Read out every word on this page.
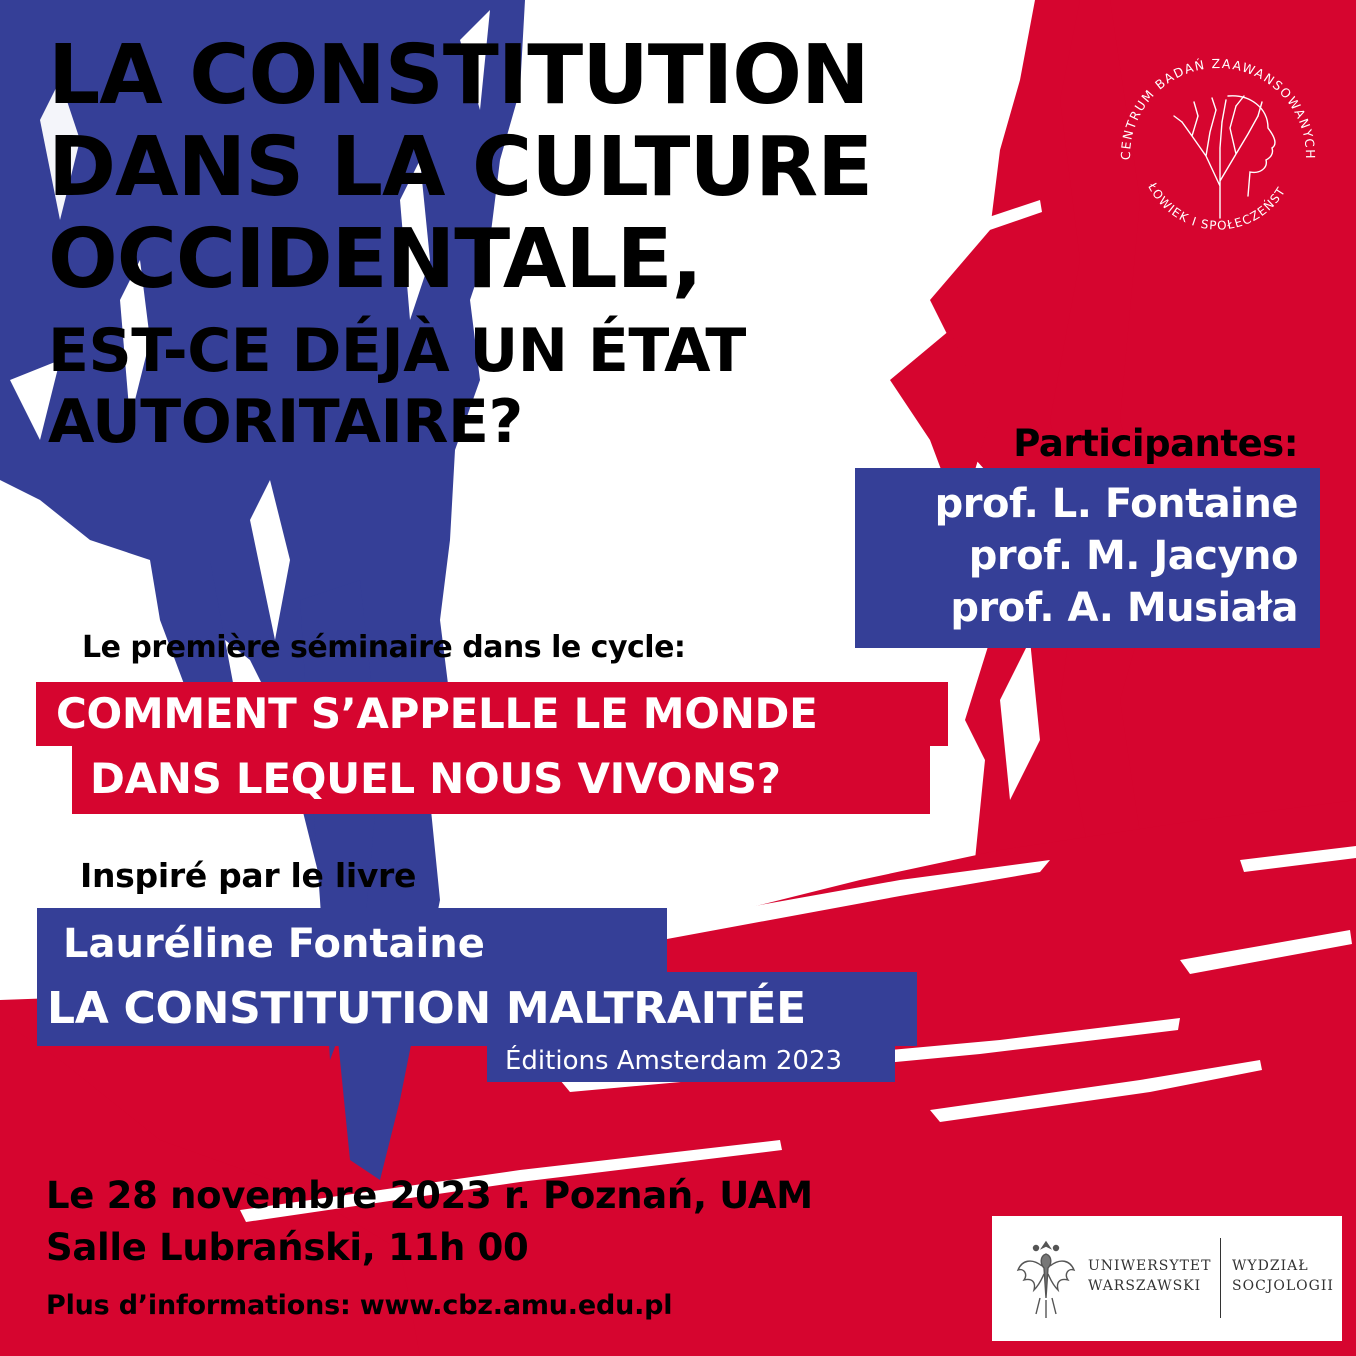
CENTRUM BADAŃ ZAAWANSOWANYCH
ŁOWIEK I SPOŁECZEŃST
LA CONSTITUTION
DANS LA CULTURE
OCCIDENTALE,
EST-CE DÉJÀ UN ÉTAT
AUTORITAIRE?	Participantes:
prof. L. Fontaine
prof. M. Jacyno
prof. A. Musiała
Le première séminaire dans le cycle:
COMMENT S’APPELLE LE MONDE
DANS LEQUEL NOUS VIVONS?
Inspiré par le livre
Lauréline Fontaine
LA CONSTITUTION MALTRAITÉE
Éditions Amsterdam 2023
Le 28 novembre 2023 r. Poznań, UAM
Salle Lubrański, 11h 00
Plus d’informations: www.cbz.amu.edu.pl
UNIWERSYTET
WARSZAWSKI
WYDZIAŁ
SOCJOLOGII
